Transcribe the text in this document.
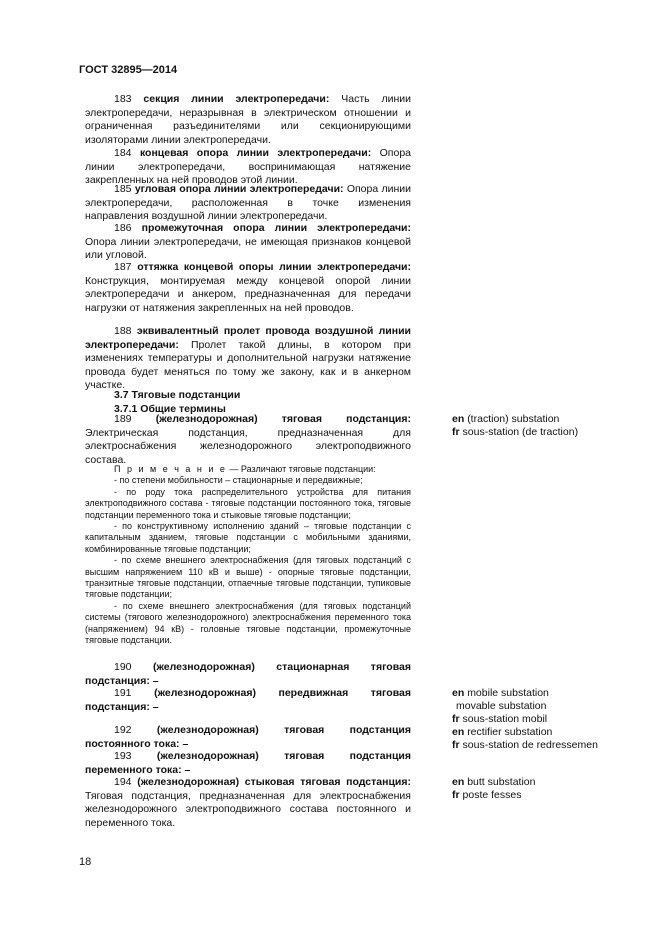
ГОСТ 32895—2014

183 секция линии электропередачи: Часть линии электропередачи, неразрывная в электрическом отношении и ограниченная разъединителями или секционирующими изоляторами линии электропередачи.

184 концевая опора линии электропередачи: Опора линии электропередачи, воспринимающая натяжение закрепленных на ней проводов этой линии.

185 угловая опора линии электропередачи: Опора линии электропередачи, расположенная в точке изменения направления воздушной линии электропередачи.

186 промежуточная опора линии электропередачи: Опора линии электропередачи, не имеющая признаков концевой или угловой.

187 оттяжка концевой опоры линии электропередачи: Конструкция, монтируемая между концевой опорой линии электропередачи и анкером, предназначенная для передачи нагрузки от натяжения закрепленных на ней проводов.

188 эквивалентный пролет провода воздушной линии электропередачи: Пролет такой длины, в котором при изменениях температуры и дополнительной нагрузки натяжение провода будет меняться по тому же закону, как и в анкерном участке.

3.7 Тяговые подстанции

3.7.1 Общие термины

189 (железнодорожная) тяговая подстанция: Электрическая подстанция, предназначенная для электроснабжения железнодорожного электроподвижного состава.

en (traction) substation
fr sous-station (de traction)

П р и м е ч а н и е — Различают тяговые подстанции:

- по степени мобильности – стационарные и передвижные;

- по роду тока распределительного устройства для питания электроподвижного состава - тяговые подстанции постоянного тока, тяговые подстанции переменного тока и стыковые тяговые подстанции;

- по конструктивному исполнению зданий – тяговые подстанции с капитальным зданием, тяговые подстанции с мобильными зданиями, комбинированные тяговые подстанции;

- по схеме внешнего электроснабжения (для тяговых подстанций с высшим напряжением 110 кВ и выше) - опорные тяговые подстанции, транзитные тяговые подстанции, отпаечные тяговые подстанции, тупиковые тяговые подстанции;

- по схеме внешнего электроснабжения (для тяговых подстанций системы (тягового железнодорожного) электроснабжения переменного тока (напряжением) 94 кВ) - головные тяговые подстанции, промежуточные тяговые подстанции.

190 (железнодорожная) стационарная тяговая подстанция: –

191 (железнодорожная) передвижная тяговая подстанция: –

en mobile substation
movable substation
fr sous-station mobil

192 (железнодорожная) тяговая подстанция постоянного тока: –

en rectifier substation
fr sous-station de redressemen

193 (железнодорожная) тяговая подстанция переменного тока: –

194 (железнодорожная) стыковая тяговая подстанция: Тяговая подстанция, предназначенная для электроснабжения железнодорожного электроподвижного состава постоянного и переменного тока.

en butt substation
fr poste fesses
18
